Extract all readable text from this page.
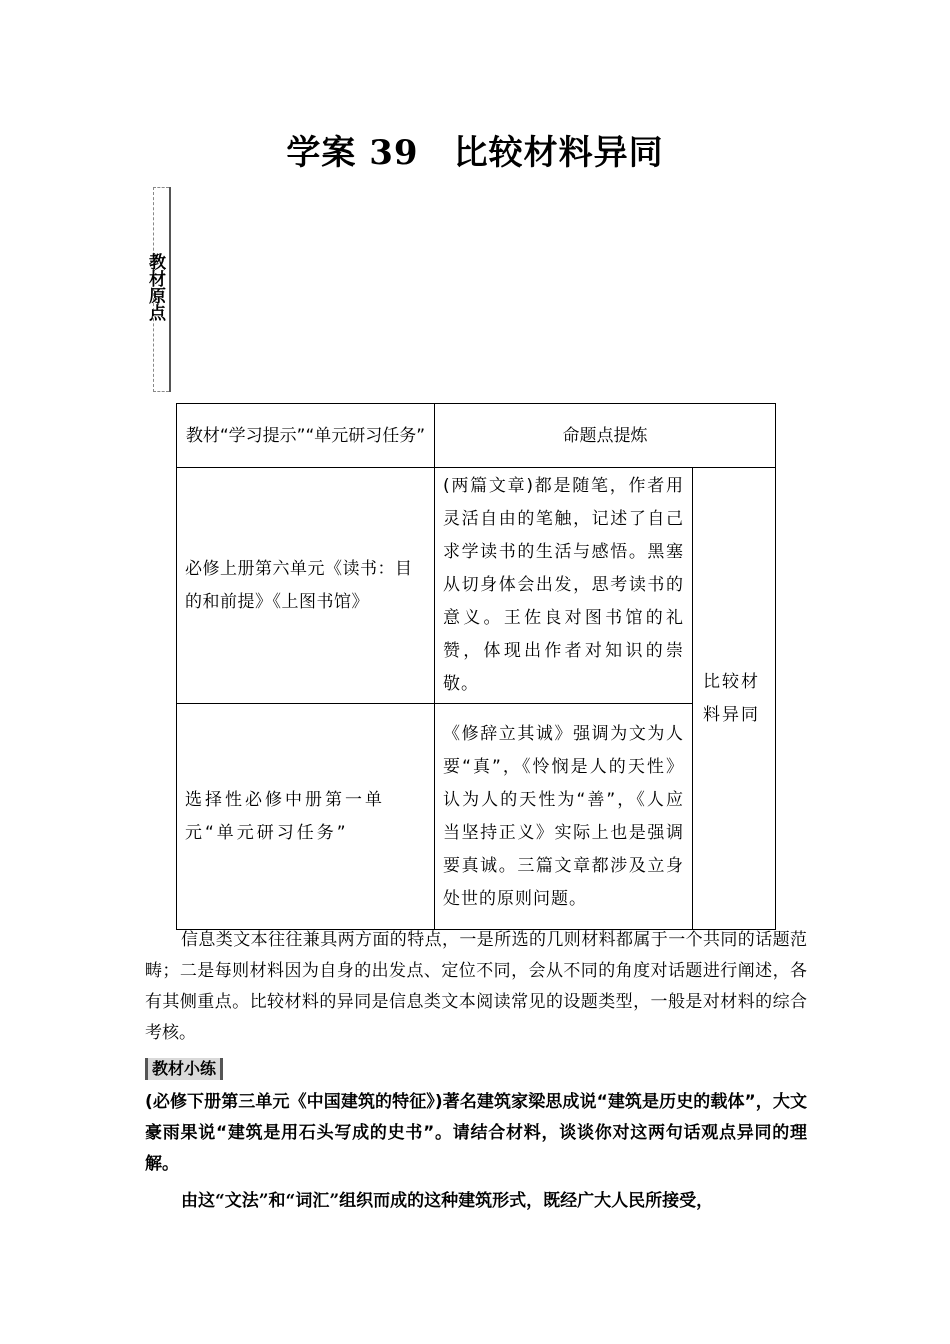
学案 39　比较材料异同
教材原点
教材“学习提示”“单元研习任务”	命题点提炼	
必修上册第六单元《读书：目的和前提》《上图书馆》	(两篇文章)都是随笔，作者用灵活自由的笔触，记述了自己求学读书的生活与感悟。黑塞从切身体会出发，思考读书的意义。王佐良对图书馆的礼赞，体现出作者对知识的崇敬。	比较材料异同
选择性必修中册第一单元“单元研习任务”	《修辞立其诚》强调为文为人要“真”，《怜悯是人的天性》认为人的天性为“善”，《人应当坚持正义》实际上也是强调要真诚。三篇文章都涉及立身处世的原则问题。	
信息类文本往往兼具两方面的特点，一是所选的几则材料都属于一个共同的话题范畴；二是每则材料因为自身的出发点、定位不同，会从不同的角度对话题进行阐述，各有其侧重点。比较材料的异同是信息类文本阅读常见的设题类型，一般是对材料的综合考核。
教材小练
(必修下册第三单元《中国建筑的特征》)著名建筑家梁思成说“建筑是历史的载体”，大文豪雨果说“建筑是用石头写成的史书”。请结合材料，谈谈你对这两句话观点异同的理解。
由这“文法”和“词汇”组织而成的这种建筑形式，既经广大人民所接受，
